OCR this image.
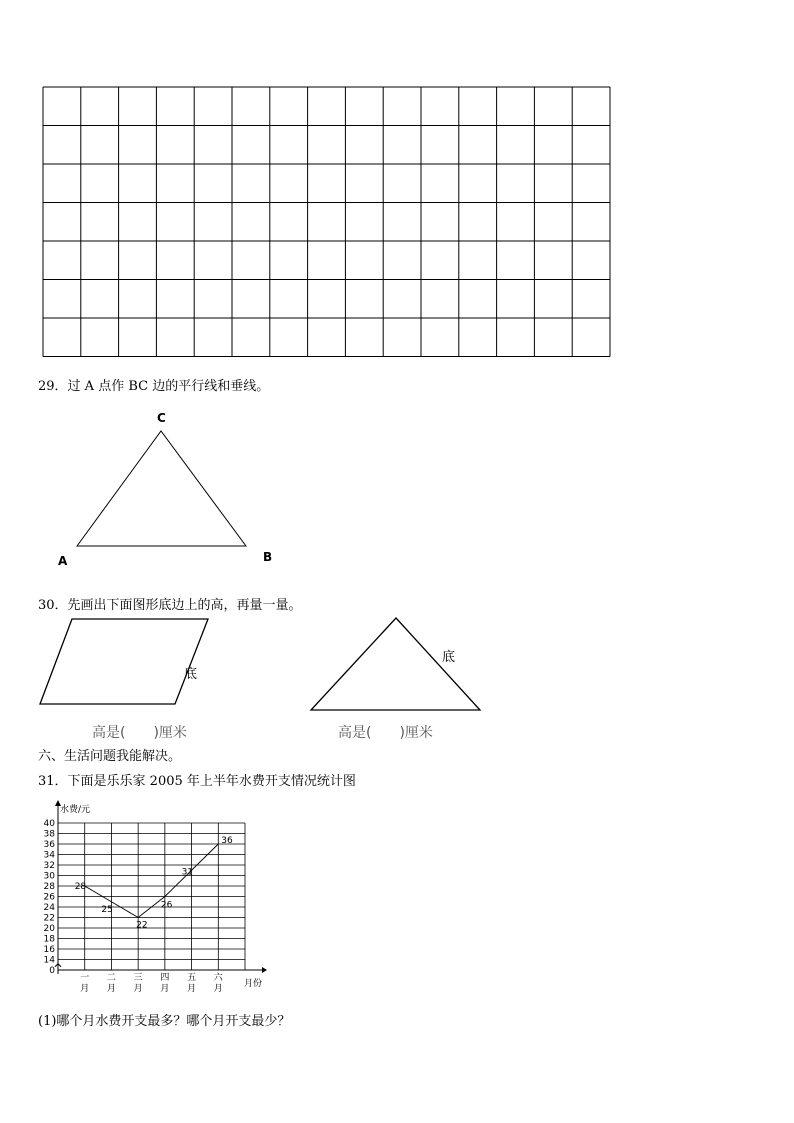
29．过 A 点作 BC 边的平行线和垂线。
C
A	B
30．先画出下面图形底边上的高，再量一量。
底
高是(　　)厘米
底
高是(　　)厘米
六、生活问题我能解决。
31．下面是乐乐家 2005 年上半年水费开支情况统计图
0
14
16
18
20
22
24
26
28
30
32
34
36
38
40
一
月
二
月
三
月
四
月
五
月
六
月
28
25
22
26
31
36
水费/元
月份
(1)哪个月水费开支最多？哪个月开支最少？
